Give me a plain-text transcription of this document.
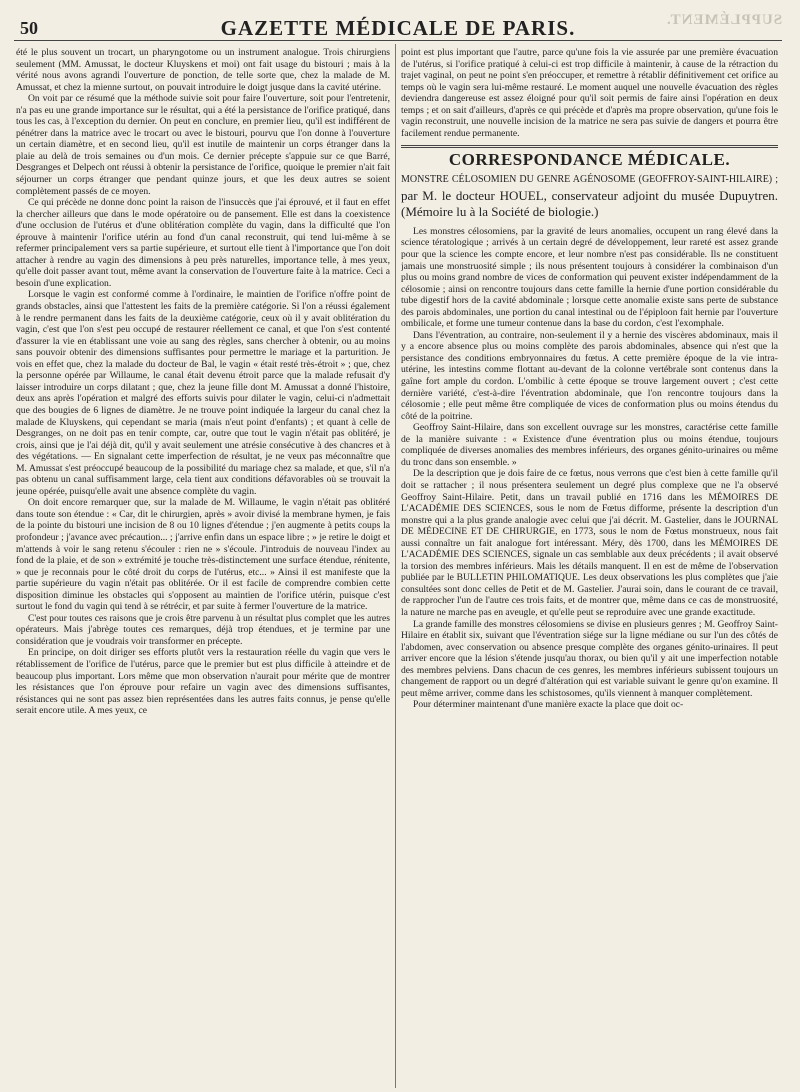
50	GAZETTE MÉDICALE DE PARIS.	SUPPLÉMENT.

été le plus souvent un trocart, un pharyngotome ou un instrument analogue. Trois chirurgiens seulement (MM. Amussat, le docteur Kluyskens et moi) ont fait usage du bistouri ; mais à la vérité nous avons agrandi l'ouverture de ponction, de telle sorte que, chez la malade de M. Amussat, et chez la mienne surtout, on pouvait introduire le doigt jusque dans la cavité utérine.

On voit par ce résumé que la méthode suivie soit pour faire l'ouverture, soit pour l'entretenir, n'a pas eu une grande importance sur le résultat, qui a été la persistance de l'orifice pratiqué, dans tous les cas, à l'exception du dernier. On peut en conclure, en premier lieu, qu'il est indifférent de pénétrer dans la matrice avec le trocart ou avec le bistouri, pourvu que l'on donne à l'ouverture un certain diamètre, et en second lieu, qu'il est inutile de maintenir un corps étranger dans la plaie au delà de trois semaines ou d'un mois. Ce dernier précepte s'appuie sur ce que Barré, Desgranges et Delpech ont réussi à obtenir la persistance de l'orifice, quoique le premier n'ait fait séjourner un corps étranger que pendant quinze jours, et que les deux autres se soient complètement passés de ce moyen.

Ce qui précède ne donne donc point la raison de l'insuccès que j'ai éprouvé, et il faut en effet la chercher ailleurs que dans le mode opératoire ou de pansement. Elle est dans la coexistence d'une occlusion de l'utérus et d'une oblitération complète du vagin, dans la difficulté que l'on éprouve à maintenir l'orifice utérin au fond d'un canal reconstruit, qui tend lui-même à se refermer principalement vers sa partie supérieure, et surtout elle tient à l'importance que l'on doit attacher à rendre au vagin des dimensions à peu près naturelles, importance telle, à mes yeux, qu'elle doit passer avant tout, même avant la conservation de l'ouverture faite à la matrice. Ceci a besoin d'une explication.

Lorsque le vagin est conformé comme à l'ordinaire, le maintien de l'orifice n'offre point de grands obstacles, ainsi que l'attestent les faits de la première catégorie. Si l'on a réussi également à le rendre permanent dans les faits de la deuxième catégorie, ceux où il y avait oblitération du vagin, c'est que l'on s'est peu occupé de restaurer réellement ce canal, et que l'on s'est contenté d'assurer la vie en établissant une voie au sang des règles, sans chercher à obtenir, ou au moins sans pouvoir obtenir des dimensions suffisantes pour permettre le mariage et la parturition. Je vois en effet que, chez la malade du docteur de Bal, le vagin « était resté très-étroit » ; que, chez la personne opérée par Willaume, le canal était devenu étroit parce que la malade refusait d'y laisser introduire un corps dilatant ; que, chez la jeune fille dont M. Amussat a donné l'histoire, deux ans après l'opération et malgré des efforts suivis pour dilater le vagin, celui-ci n'admettait que des bougies de 6 lignes de diamètre. Je ne trouve point indiquée la largeur du canal chez la malade de Kluyskens, qui cependant se maria (mais n'eut point d'enfants) ; et quant à celle de Desgranges, on ne doit pas en tenir compte, car, outre que tout le vagin n'était pas oblitéré, je crois, ainsi que je l'ai déjà dit, qu'il y avait seulement une atrésie consécutive à des chancres et à des végétations. — En signalant cette imperfection de résultat, je ne veux pas méconnaître que M. Amussat s'est préoccupé beaucoup de la possibilité du mariage chez sa malade, et que, s'il n'a pas obtenu un canal suffisamment large, cela tient aux conditions défavorables où se trouvait la jeune opérée, puisqu'elle avait une absence complète du vagin.

On doit encore remarquer que, sur la malade de M. Willaume, le vagin n'était pas oblitéré dans toute son étendue : « Car, dit le chirurgien, après » avoir divisé la membrane hymen, je fais de la pointe du bistouri une incision de 8 ou 10 lignes d'étendue ; j'en augmente à petits coups la profondeur ; j'avance avec précaution... ; j'arrive enfin dans un espace libre ; » je retire le doigt et m'attends à voir le sang retenu s'écouler : rien ne » s'écoule. J'introduis de nouveau l'index au fond de la plaie, et de son » extrémité je touche très-distinctement une surface étendue, rénitente, » que je reconnais pour le côté droit du corps de l'utérus, etc... » Ainsi il est manifeste que la partie supérieure du vagin n'était pas oblitérée. Or il est facile de comprendre combien cette disposition diminue les obstacles qui s'opposent au maintien de l'orifice utérin, puisque c'est surtout le fond du vagin qui tend à se rétrécir, et par suite à fermer l'ouverture de la matrice.

C'est pour toutes ces raisons que je crois être parvenu à un résultat plus complet que les autres opérateurs. Mais j'abrège toutes ces remarques, déjà trop étendues, et je termine par une considération que je voudrais voir transformer en précepte.

En principe, on doit diriger ses efforts plutôt vers la restauration réelle du vagin que vers le rétablissement de l'orifice de l'utérus, parce que le premier but est plus difficile à atteindre et de beaucoup plus important. Lors même que mon observation n'aurait pour mérite que de montrer les résistances que l'on éprouve pour refaire un vagin avec des dimensions suffisantes, résistances qui ne sont pas assez bien représentées dans les autres faits connus, je pense qu'elle serait encore utile. A mes yeux, ce

point est plus important que l'autre, parce qu'une fois la vie assurée par une première évacuation de l'utérus, si l'orifice pratiqué à celui-ci est trop difficile à maintenir, à cause de la rétraction du trajet vaginal, on peut ne point s'en préoccuper, et remettre à rétablir définitivement cet orifice au temps où le vagin sera lui-même restauré. Le moment auquel une nouvelle évacuation des règles deviendra dangereuse est assez éloigné pour qu'il soit permis de faire ainsi l'opération en deux temps ; et on sait d'ailleurs, d'après ce qui précède et d'après ma propre observation, qu'une fois le vagin reconstruit, une nouvelle incision de la matrice ne sera pas suivie de dangers et pourra être facilement rendue permanente.

CORRESPONDANCE MÉDICALE.
MONSTRE CÉLOSOMIEN DU GENRE AGÉNOSOME (GEOFFROY-SAINT-HILAIRE) ; par M. le docteur HOUEL, conservateur adjoint du musée Dupuytren. (Mémoire lu à la Société de biologie.)

Les monstres célosomiens, par la gravité de leurs anomalies, occupent un rang élevé dans la science tératologique ; arrivés à un certain degré de développement, leur rareté est assez grande pour que la science les compte encore, et leur nombre n'est pas considérable. Ils ne constituent jamais une monstruosité simple ; ils nous présentent toujours à considérer la combinaison d'un plus ou moins grand nombre de vices de conformation qui peuvent exister indépendamment de la célosomie ; ainsi on rencontre toujours dans cette famille la hernie d'une portion considérable du tube digestif hors de la cavité abdominale ; lorsque cette anomalie existe sans perte de substance des parois abdominales, une portion du canal intestinal ou de l'épiploon fait hernie par l'ouverture ombilicale, et forme une tumeur contenue dans la base du cordon, c'est l'exomphale.

Dans l'éventration, au contraire, non-seulement il y a hernie des viscères abdominaux, mais il y a encore absence plus ou moins complète des parois abdominales, absence qui n'est que la persistance des conditions embryonnaires du fœtus. A cette première époque de la vie intra-utérine, les intestins comme flottant au-devant de la colonne vertébrale sont contenus dans la gaîne fort ample du cordon. L'ombilic à cette époque se trouve largement ouvert ; c'est cette dernière variété, c'est-à-dire l'éventration abdominale, que l'on rencontre toujours dans la célosomie ; elle peut même être compliquée de vices de conformation plus ou moins étendus du côté de la poitrine.

Geoffroy Saint-Hilaire, dans son excellent ouvrage sur les monstres, caractérise cette famille de la manière suivante : « Existence d'une éventration plus ou moins étendue, toujours compliquée de diverses anomalies des membres inférieurs, des organes génito-urinaires ou même du tronc dans son ensemble. »

De la description que je dois faire de ce fœtus, nous verrons que c'est bien à cette famille qu'il doit se rattacher ; il nous présentera seulement un degré plus complexe que ne l'a observé Geoffroy Saint-Hilaire. Petit, dans un travail publié en 1716 dans les MÉMOIRES DE L'ACADÉMIE DES SCIENCES, sous le nom de Fœtus difforme, présente la description d'un monstre qui a la plus grande analogie avec celui que j'ai décrit. M. Gastelier, dans le JOURNAL DE MÉDECINE ET DE CHIRURGIE, en 1773, sous le nom de Fœtus monstrueux, nous fait aussi connaître un fait analogue fort intéressant. Méry, dès 1700, dans les MÉMOIRES DE L'ACADÉMIE DES SCIENCES, signale un cas semblable aux deux précédents ; il avait observé la torsion des membres inférieurs. Mais les détails manquent. Il en est de même de l'observation publiée par le BULLETIN PHILOMATIQUE. Les deux observations les plus complètes que j'aie consultées sont donc celles de Petit et de M. Gastelier. J'aurai soin, dans le courant de ce travail, de rapprocher l'un de l'autre ces trois faits, et de montrer que, même dans ce cas de monstruosité, la nature ne marche pas en aveugle, et qu'elle peut se reproduire avec une grande exactitude.

La grande famille des monstres célosomiens se divise en plusieurs genres ; M. Geoffroy Saint-Hilaire en établit six, suivant que l'éventration siége sur la ligne médiane ou sur l'un des côtés de l'abdomen, avec conservation ou absence presque complète des organes génito-urinaires. Il peut arriver encore que la lésion s'étende jusqu'au thorax, ou bien qu'il y ait une imperfection notable des membres pelviens. Dans chacun de ces genres, les membres inférieurs subissent toujours un changement de rapport ou un degré d'altération qui est variable suivant le genre qu'on examine. Il peut même arriver, comme dans les schistosomes, qu'ils viennent à manquer complètement.

Pour déterminer maintenant d'une manière exacte la place que doit oc-
